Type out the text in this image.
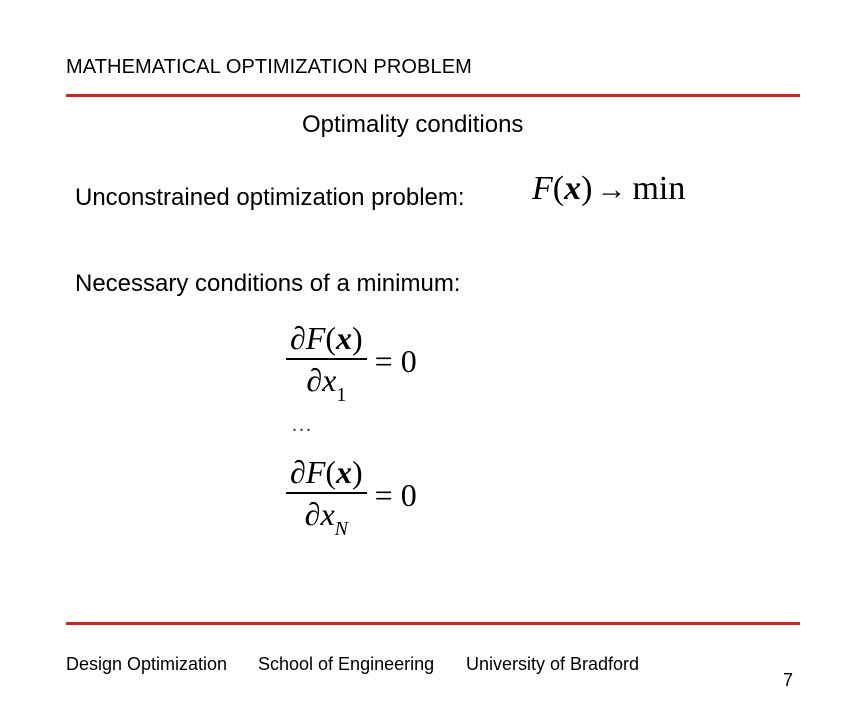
MATHEMATICAL OPTIMIZATION PROBLEM
Optimality conditions
Unconstrained optimization problem: F(x) → min
Necessary conditions of a minimum:
$\frac{\partial F(x)}{\partial x_1} = 0$
...
$\frac{\partial F(x)}{\partial x_N} = 0$
Design Optimization School of Engineering University of Bradford
7
